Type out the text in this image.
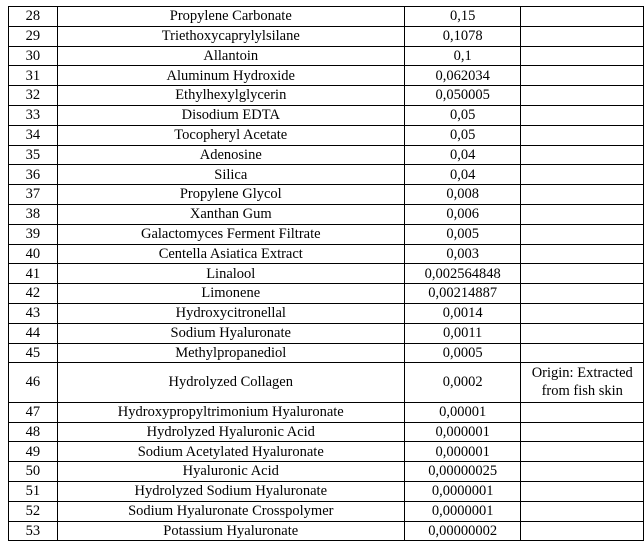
28	Propylene Carbonate	0,15	
29	Triethoxycaprylylsilane	0,1078	
30	Allantoin	0,1	
31	Aluminum Hydroxide	0,062034	
32	Ethylhexylglycerin	0,050005	
33	Disodium EDTA	0,05	
34	Tocopheryl Acetate	0,05	
35	Adenosine	0,04	
36	Silica	0,04	
37	Propylene Glycol	0,008	
38	Xanthan Gum	0,006	
39	Galactomyces Ferment Filtrate	0,005	
40	Centella Asiatica Extract	0,003	
41	Linalool	0,002564848	
42	Limonene	0,00214887	
43	Hydroxycitronellal	0,0014	
44	Sodium Hyaluronate	0,0011	
45	Methylpropanediol	0,0005	
46	Hydrolyzed Collagen	0,0002	Origin: Extracted from fish skin
47	Hydroxypropyltrimonium Hyaluronate	0,00001	
48	Hydrolyzed Hyaluronic Acid	0,000001	
49	Sodium Acetylated Hyaluronate	0,000001	
50	Hyaluronic Acid	0,00000025	
51	Hydrolyzed Sodium Hyaluronate	0,0000001	
52	Sodium Hyaluronate Crosspolymer	0,0000001	
53	Potassium Hyaluronate	0,00000002	
